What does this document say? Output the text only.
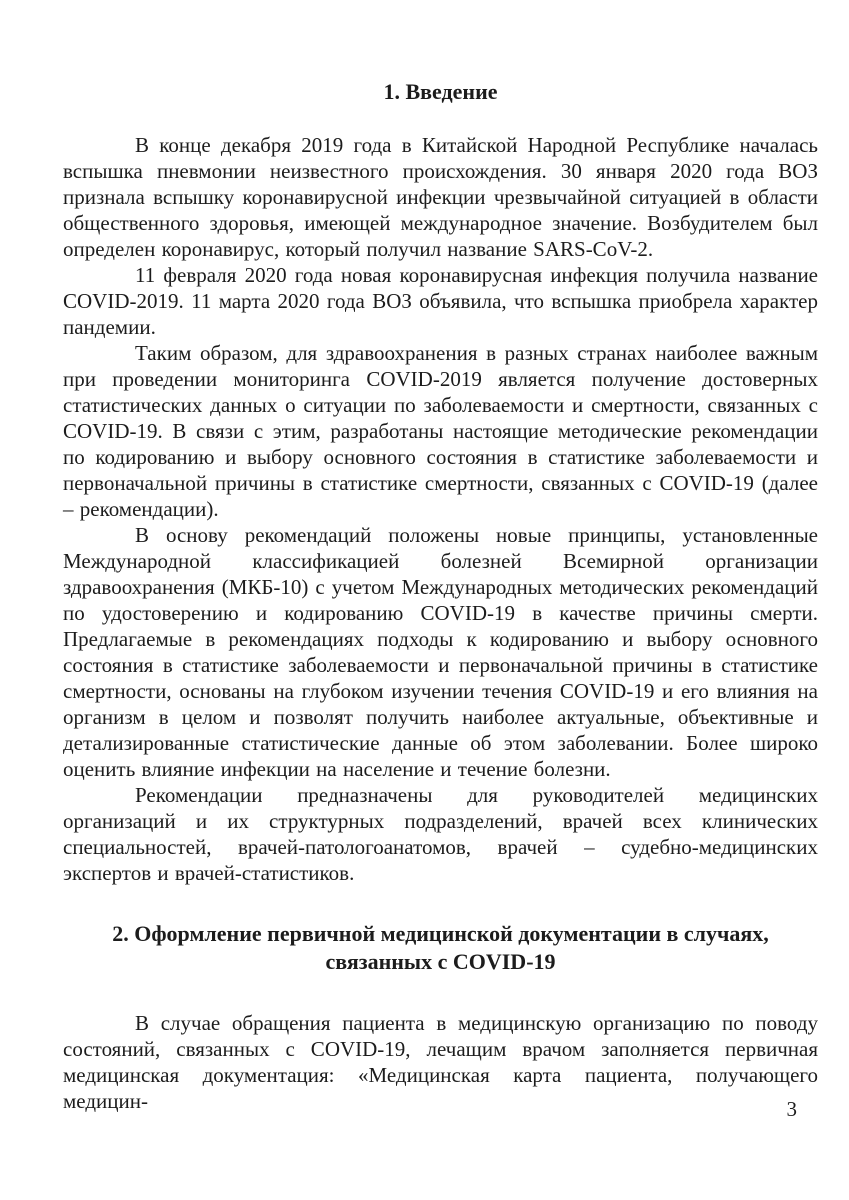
1. Введение

В конце декабря 2019 года в Китайской Народной Республике началась вспышка пневмонии неизвестного происхождения. 30 января 2020 года ВОЗ признала вспышку коронавирусной инфекции чрезвычайной ситуацией в области общественного здоровья, имеющей международное значение. Возбудителем был определен коронавирус, который получил название SARS-CoV-2.

11 февраля 2020 года новая коронавирусная инфекция получила название COVID-2019. 11 марта 2020 года ВОЗ объявила, что вспышка приобрела характер пандемии.

Таким образом, для здравоохранения в разных странах наиболее важным при проведении мониторинга COVID-2019 является получение достоверных статистических данных о ситуации по заболеваемости и смертности, связанных с COVID-19. В связи с этим, разработаны настоящие методические рекомендации по кодированию и выбору основного состояния в статистике заболеваемости и первоначальной причины в статистике смертности, связанных с COVID-19 (далее – рекомендации).

В основу рекомендаций положены новые принципы, установленные Международной классификацией болезней Всемирной организации здравоохранения (МКБ-10) с учетом Международных методических рекомендаций по удостоверению и кодированию COVID-19 в качестве причины смерти. Предлагаемые в рекомендациях подходы к кодированию и выбору основного состояния в статистике заболеваемости и первоначальной причины в статистике смертности, основаны на глубоком изучении течения COVID-19 и его влияния на организм в целом и позволят получить наиболее актуальные, объективные и детализированные статистические данные об этом заболевании. Более широко оценить влияние инфекции на население и течение болезни.

Рекомендации предназначены для руководителей медицинских организаций и их структурных подразделений, врачей всех клинических специальностей, врачей-патологоанатомов, врачей – судебно-медицинских экспертов и врачей-статистиков.

2. Оформление первичной медицинской документации в случаях, связанных с COVID-19

В случае обращения пациента в медицинскую организацию по поводу состояний, связанных с COVID-19, лечащим врачом заполняется первичная медицинская документация: «Медицинская карта пациента, получающего медицин-	3
